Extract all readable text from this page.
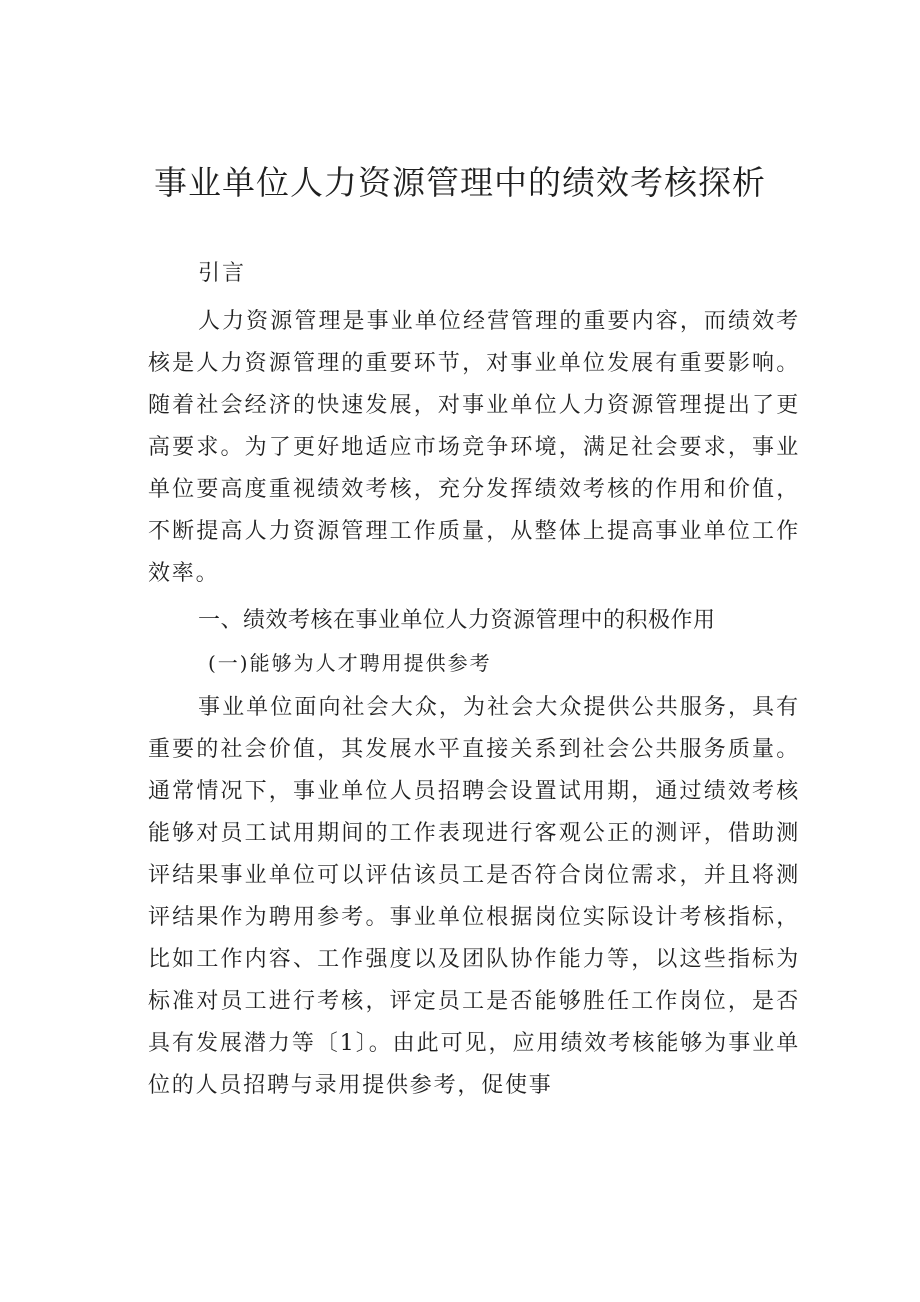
事业单位人力资源管理中的绩效考核探析

引言

人力资源管理是事业单位经营管理的重要内容，而绩效考核是人力资源管理的重要环节，对事业单位发展有重要影响。随着社会经济的快速发展，对事业单位人力资源管理提出了更高要求。为了更好地适应市场竞争环境，满足社会要求，事业单位要高度重视绩效考核，充分发挥绩效考核的作用和价值，不断提高人力资源管理工作质量，从整体上提高事业单位工作效率。

一、绩效考核在事业单位人力资源管理中的积极作用

(一)能够为人才聘用提供参考

事业单位面向社会大众，为社会大众提供公共服务，具有重要的社会价值，其发展水平直接关系到社会公共服务质量。通常情况下，事业单位人员招聘会设置试用期，通过绩效考核能够对员工试用期间的工作表现进行客观公正的测评，借助测评结果事业单位可以评估该员工是否符合岗位需求，并且将测评结果作为聘用参考。事业单位根据岗位实际设计考核指标，比如工作内容、工作强度以及团队协作能力等，以这些指标为标准对员工进行考核，评定员工是否能够胜任工作岗位，是否具有发展潜力等〔1〕。由此可见，应用绩效考核能够为事业单位的人员招聘与录用提供参考，促使事
